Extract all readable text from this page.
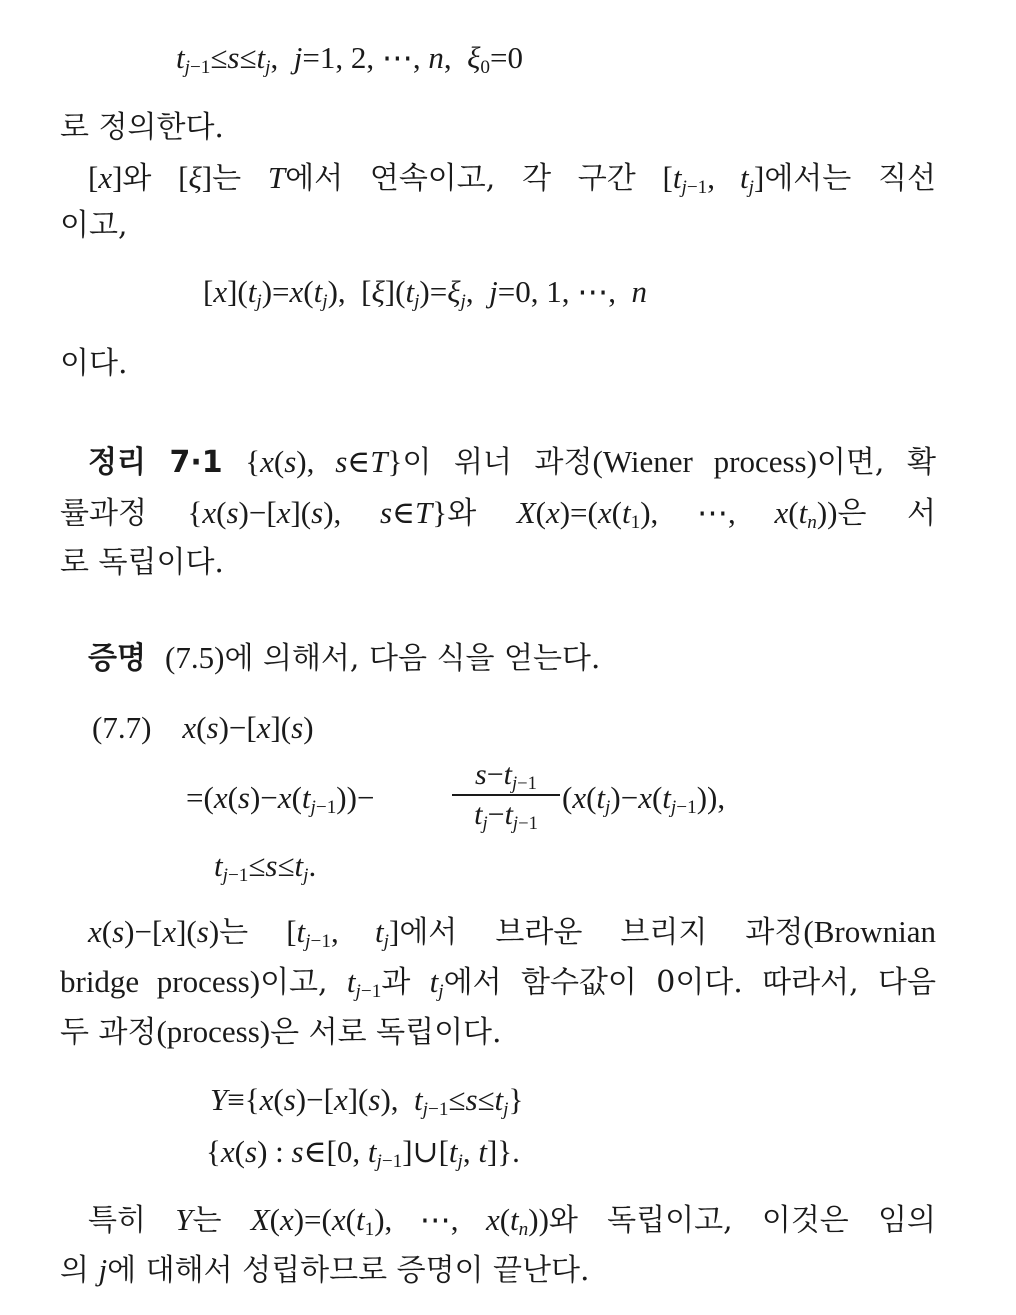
$t_{j-1}\le s\le t_j$,  j=1, 2, ⋯, n,  $\xi_0=0$
로 정의한다.
[x]와 [ξ]는 T에서 연속이고, 각 구간 [$t_{j-1}$, $t_j$]에서는 직선
이고,
$[x](t_j)=x(t_j)$,  $[\xi](t_j)=\xi_j$,  j=0, 1, ⋯,  n
이다.
정리 7·1 {x(s), s∈T}이 위너 과정(Wiener process)이면, 확
률과정 {x(s)−[x](s), s∈T}와 $X(x)=(x(t_1)$, ⋯, $x(t_n)$)은 서
로 독립이다.
증명 (7.5)에 의해서, 다음 식을 얻는다.
(7.7) x(s)−[x](s)
$=(x(s)-x(t_{j-1}))-$
$s-t_{j-1}$
$t_j-t_{j-1}$
$(x(t_j)-x(t_{j-1}))$,
$t_{j-1}\le s\le t_j$.
x(s)−[x](s)는 [$t_{j-1}$, $t_j$]에서 브라운 브리지 과정(Brownian
bridge process)이고, $t_{j-1}$과 $t_j$에서 함수값이 0이다. 따라서, 다음
두 과정(process)은 서로 독립이다.
Y≡{x(s)−[x](s),  $t_{j-1}\le s\le t_j$}
{x(s) : s∈[0, $t_{j-1}]\cup[t_j$, t]}.
특히 Y는 $X(x)=(x(t_1)$, ⋯, $x(t_n)$)와 독립이고, 이것은 임의
의 j에 대해서 성립하므로 증명이 끝난다.
